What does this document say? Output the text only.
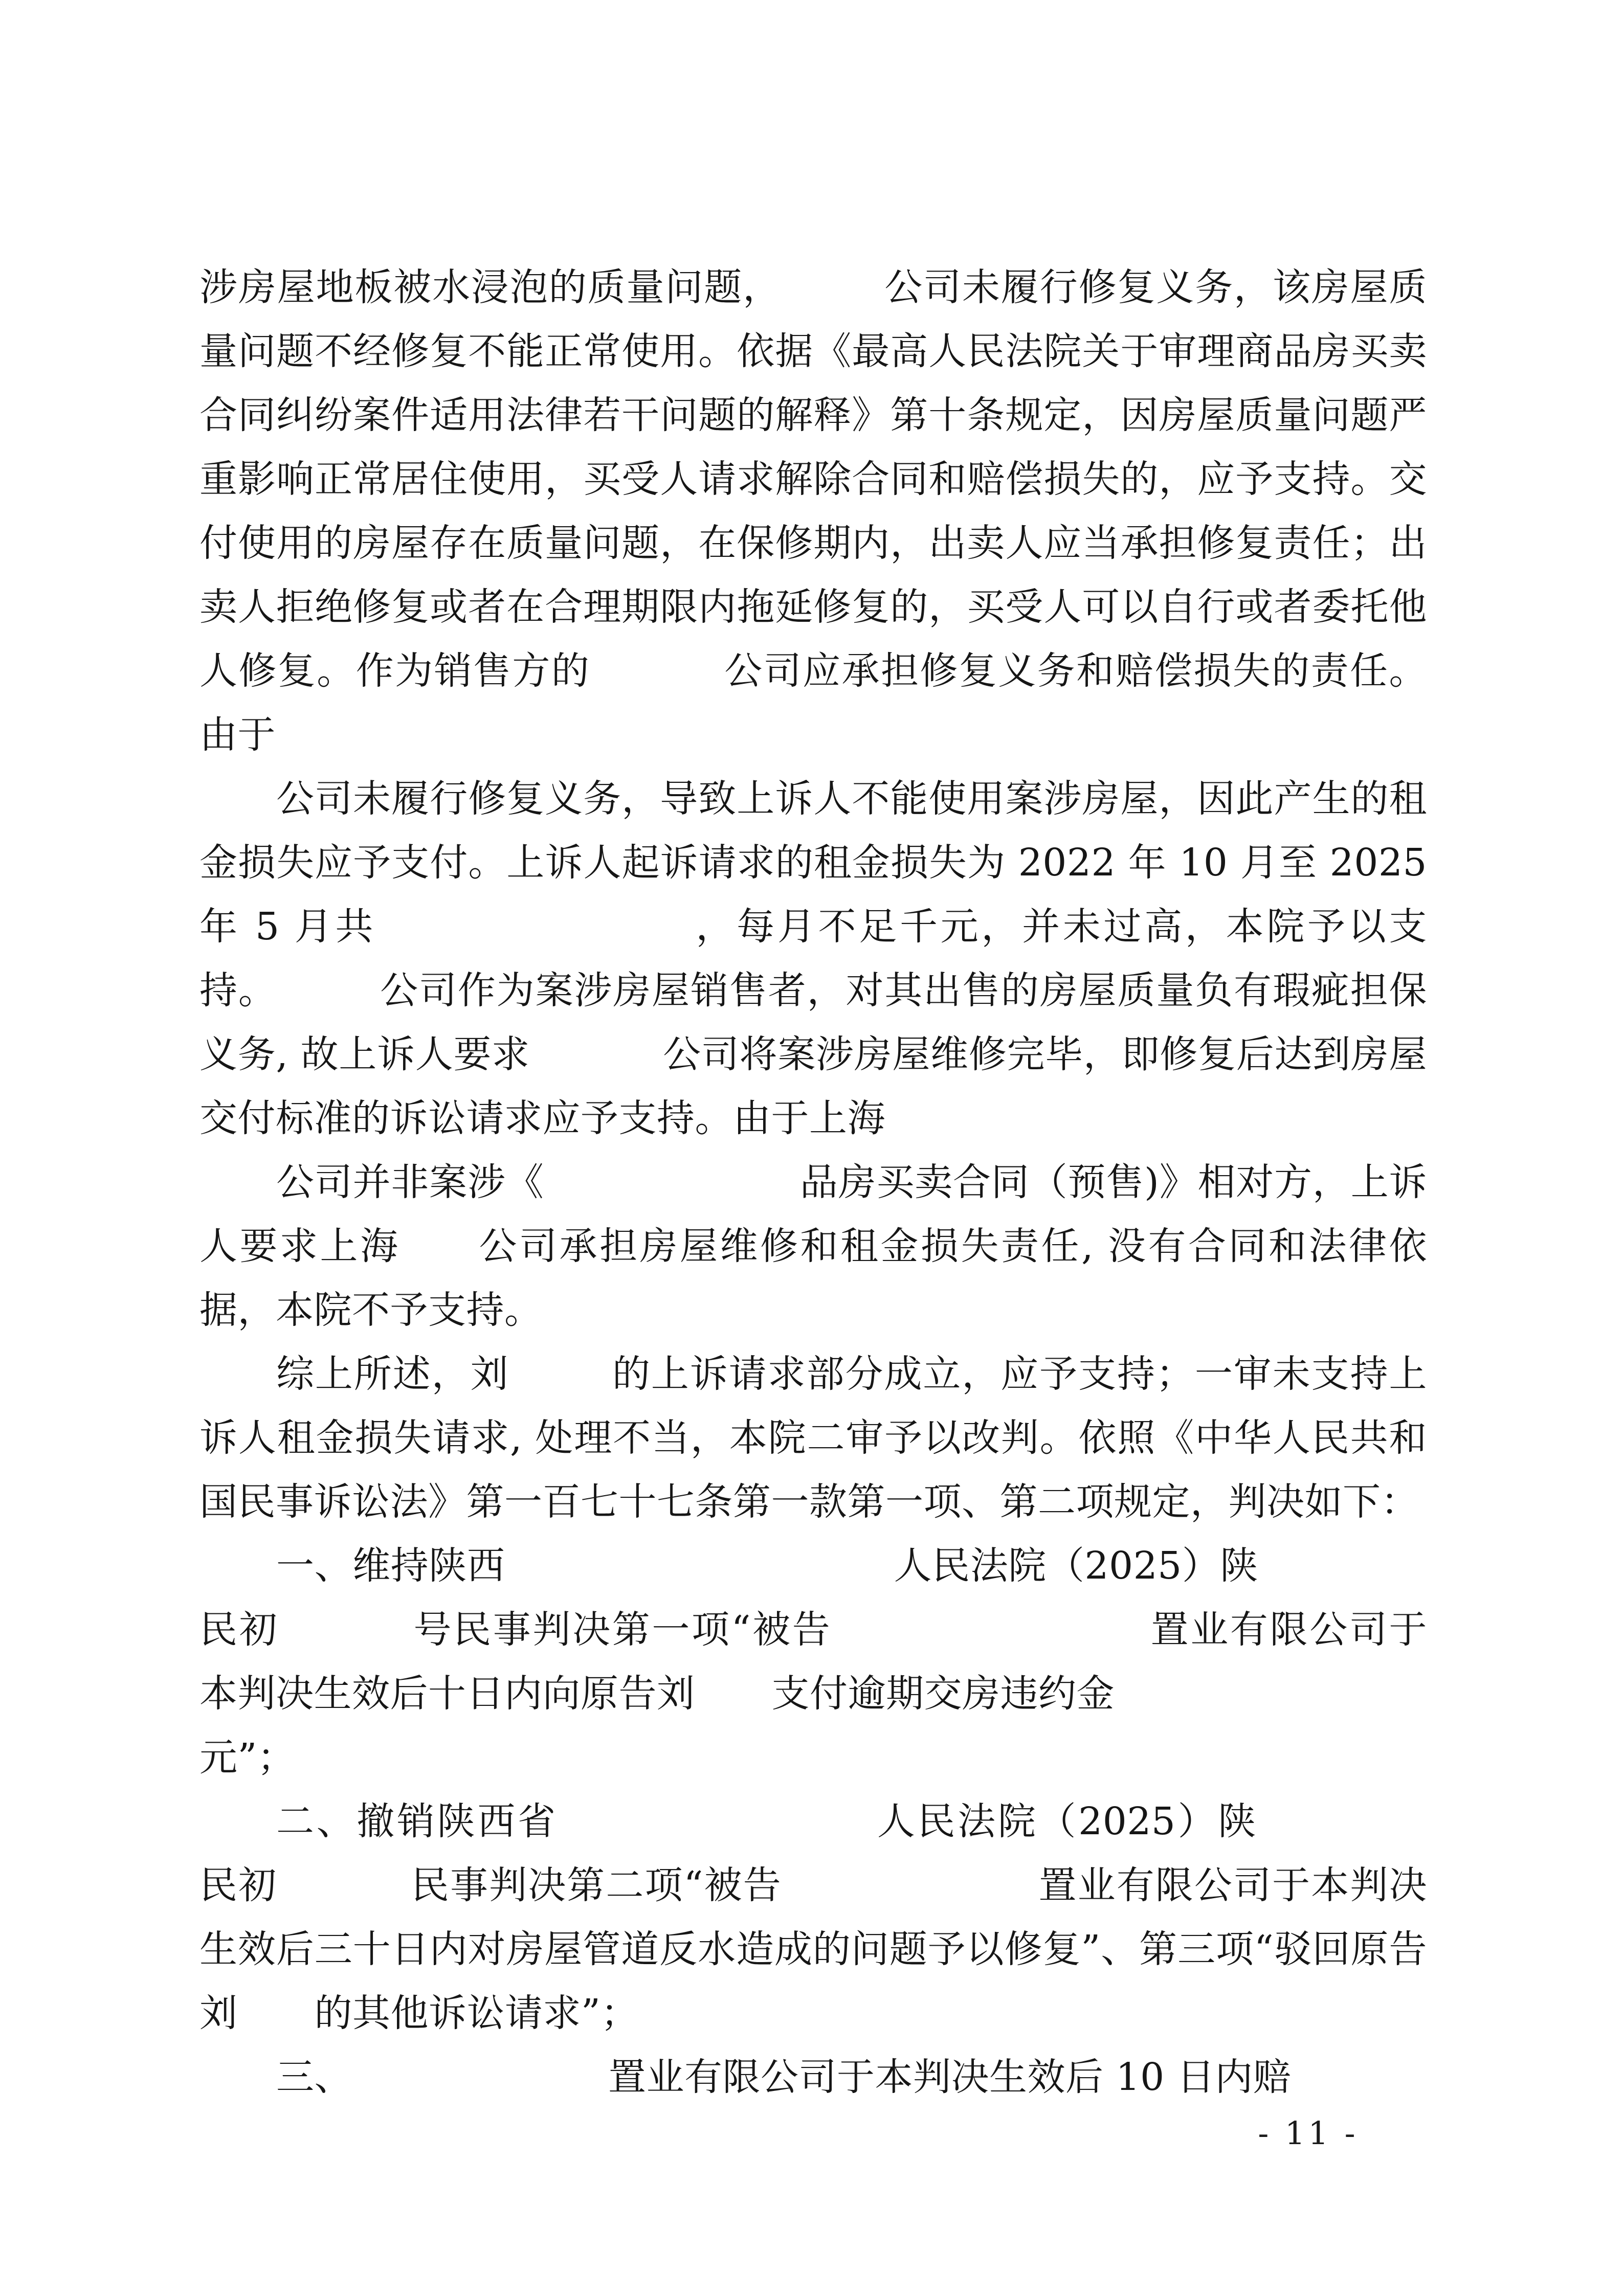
涉房屋地板被水浸泡的质量问题，	公司未履行修复义务，该房屋质量问题不经修复不能正常使用。依据《最高人民法院关于审理商品房买卖合同纠纷案件适用法律若干问题的解释》第十条规定，因房屋质量问题严重影响正常居住使用，买受人请求解除合同和赔偿损失的，应予支持。交付使用的房屋存在质量问题，在保修期内，出卖人应当承担修复责任；出卖人拒绝修复或者在合理期限内拖延修复的，买受人可以自行或者委托他人修复。作为销售方的	公司应承担修复义务和赔偿损失的责任。由于

公司未履行修复义务，导致上诉人不能使用案涉房屋，因此产生的租金损失应予支付。上诉人起诉请求的租金损失为 2022 年 10 月至 2025 年 5 月共	，每月不足千元，并未过高，本院予以支持。	公司作为案涉房屋销售者，对其出售的房屋质量负有瑕疵担保义务, 故上诉人要求	公司将案涉房屋维修完毕，即修复后达到房屋交付标准的诉讼请求应予支持。由于上海

公司并非案涉《	品房买卖合同（预售)》相对方，上诉人要求上海 公司承担房屋维修和租金损失责任, 没有合同和法律依据，本院不予支持。

综上所述，刘	的上诉请求部分成立，应予支持；一审未支持上诉人租金损失请求, 处理不当，本院二审予以改判。依照《中华人民共和国民事诉讼法》第一百七十七条第一款第一项、第二项规定，判决如下：

一、维持陕西	人民法院（2025）陕民初	号民事判决第一项“被告	置业有限公司于本判决生效后十日内向原告刘 支付逾期交房违约金
元”；

二、撤销陕西省	人民法院（2025）陕民初	民事判决第二项“被告	置业有限公司于本判决生效后三十日内对房屋管道反水造成的问题予以修复”、第三项“驳回原告刘 的其他诉讼请求”；

三、	置业有限公司于本判决生效后 10 日内赔

- 11 -
